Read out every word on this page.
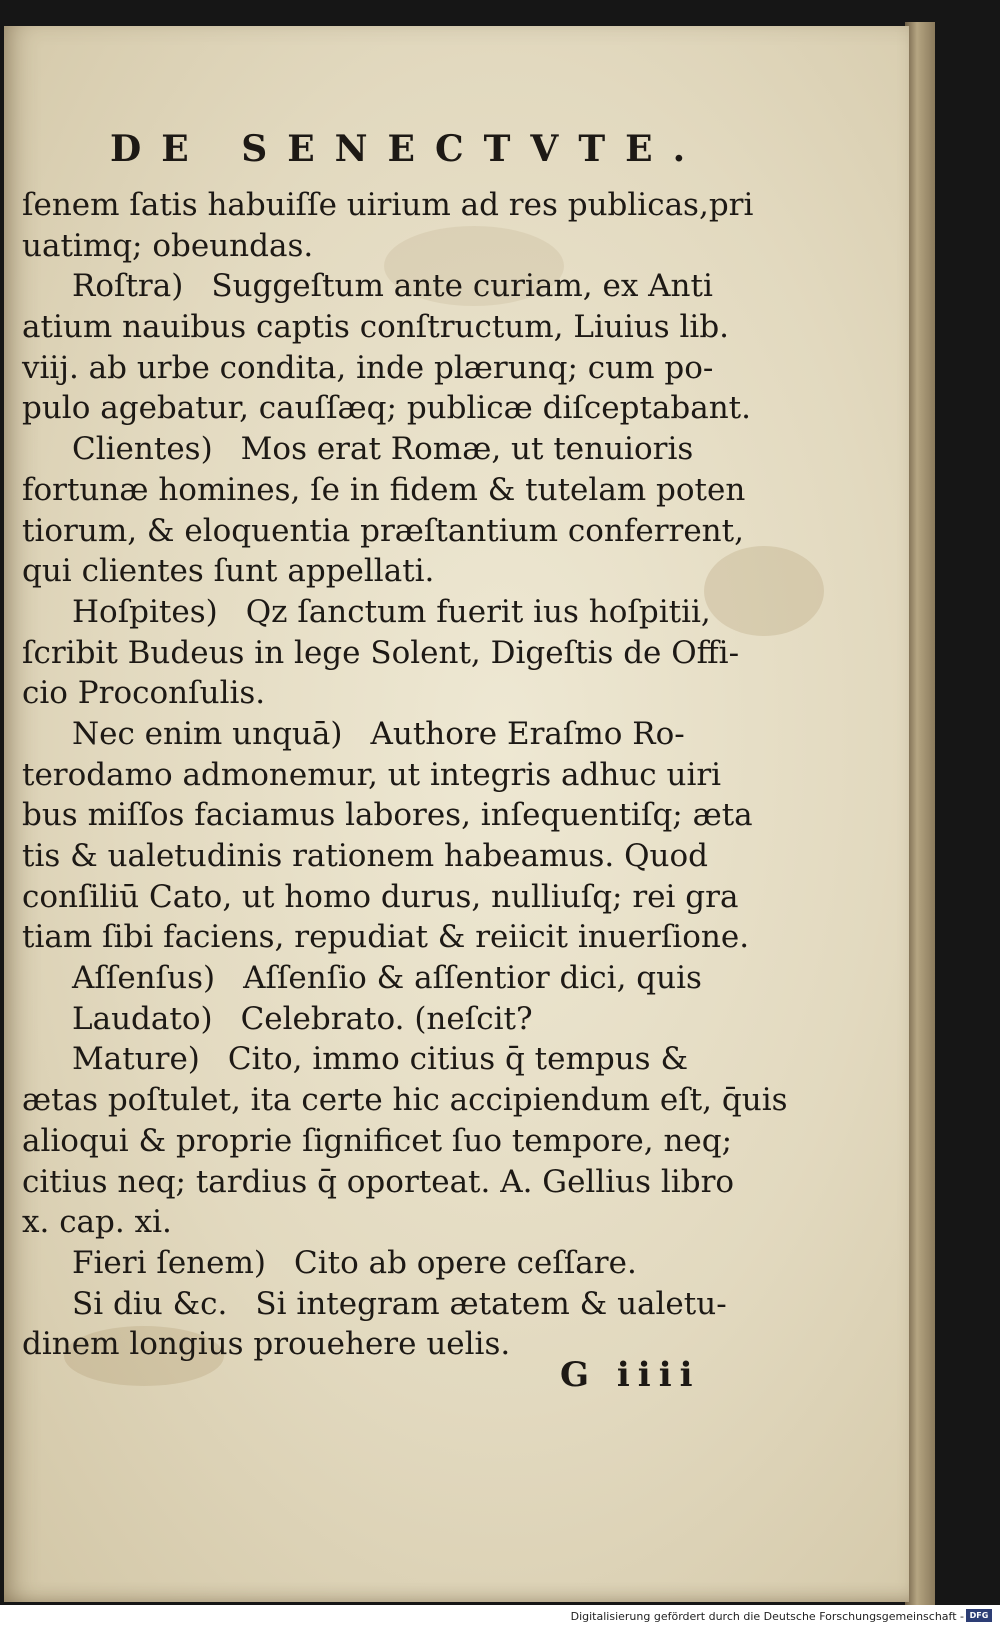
DE SENECTVTE.
ſenem ſatis habuiſſe uirium ad res publicas,pri
uatimq; obeundas.
Roſtra) Suggeſtum ante curiam, ex Anti
atium nauibus captis conſtructum, Liuius lib.
viij. ab urbe condita, inde plærunq; cum po-
pulo agebatur, cauſſæq; publicæ diſceptabant.
Clientes) Mos erat Romæ, ut tenuioris
fortunæ homines, ſe in fidem & tutelam poten
tiorum, & eloquentia præſtantium conferrent,
qui clientes ſunt appellati.
Hoſpites) Qz ſanctum fuerit ius hoſpitii,
ſcribit Budeus in lege Solent, Digeſtis de Offi-
cio Proconſulis.
Nec enim unquā) Authore Eraſmo Ro-
terodamo admonemur, ut integris adhuc uiri
bus miſſos faciamus labores, inſequentiſq; æta
tis & ualetudinis rationem habeamus. Quod
conſiliū Cato, ut homo durus, nulliuſq; rei gra
tiam ſibi faciens, repudiat & reiicit inuerſione.
Aſſenſus) Aſſenſio & aſſentior dici, quis
Laudato) Celebrato. (neſcit?
Mature) Cito, immo citius q̄ tempus &
ætas poſtulet, ita certe hic accipiendum eſt, q̄uis
alioqui & proprie ſignificet ſuo tempore, neq;
citius neq; tardius q̄ oporteat. A. Gellius libro
x. cap. xi.
Fieri ſenem) Cito ab opere ceſſare.
Si diu &c. Si integram ætatem & ualetu-
dinem longius prouehere uelis.
G iiii
Digitalisierung gefördert durch die Deutsche Forschungsgemeinschaft - DFG
